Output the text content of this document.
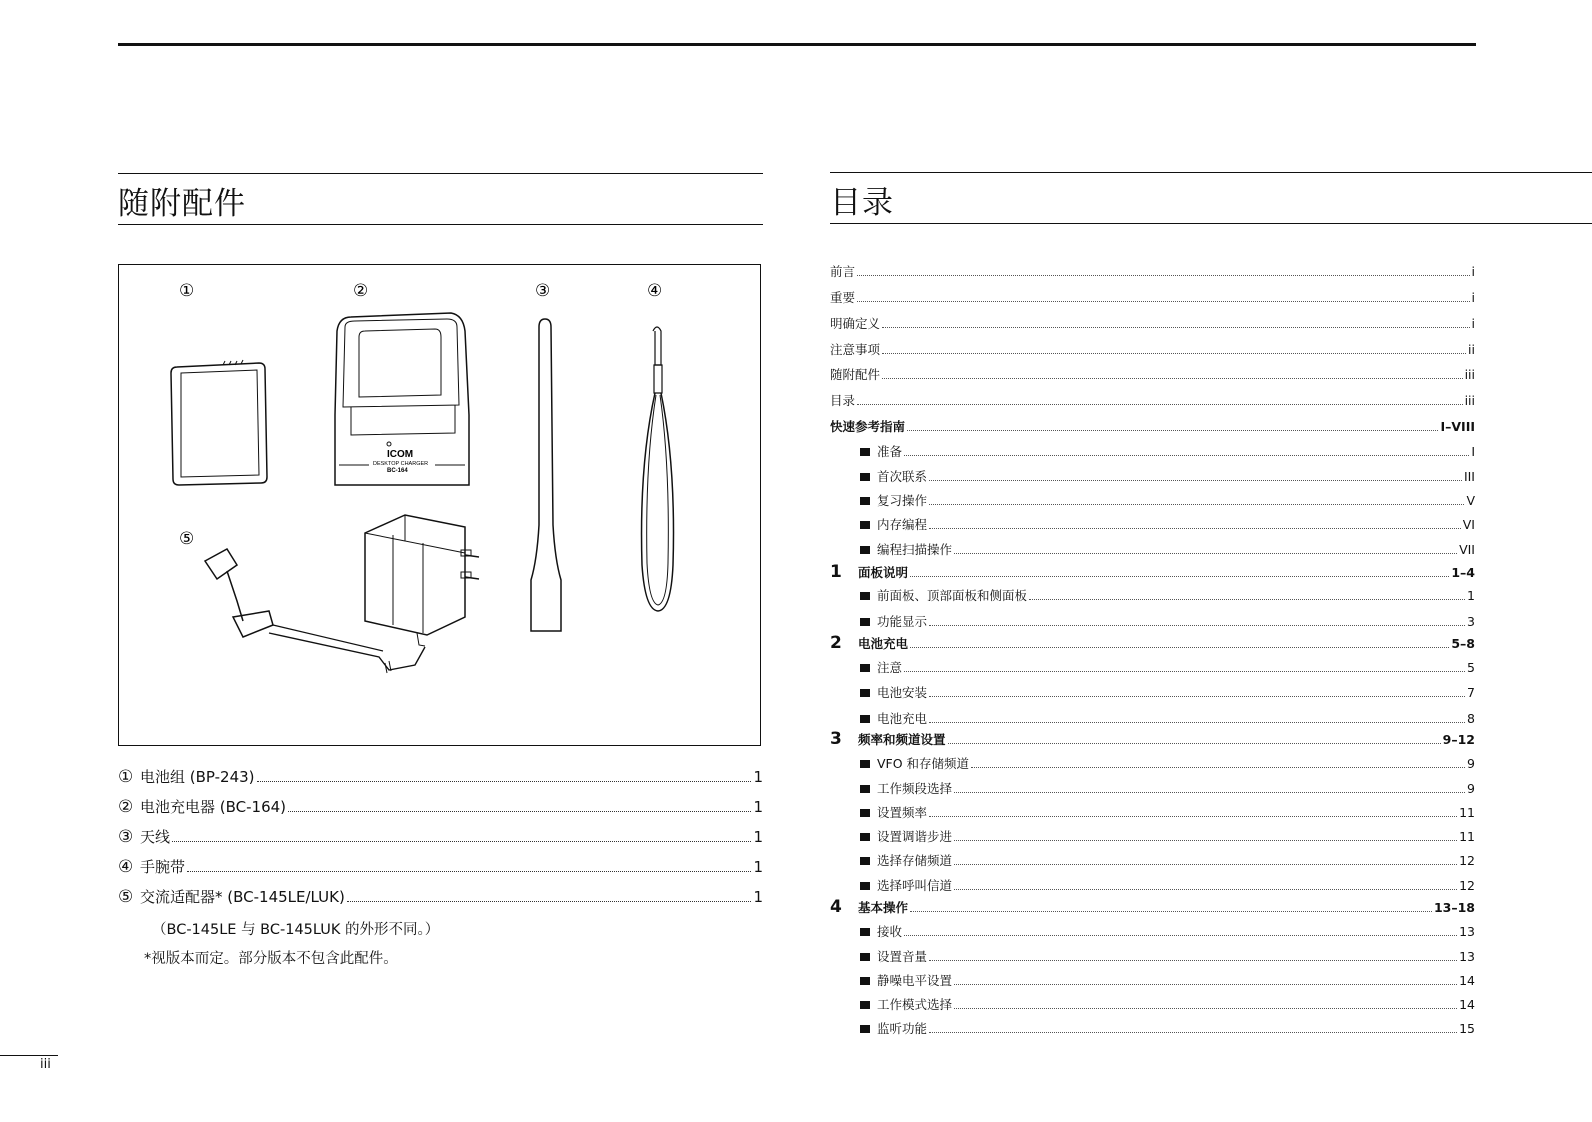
随附配件
①	②	③	④
⑤
ICOM
DESKTOP CHARGER
BC-164
① 电池组 (BP-243)	1
② 电池充电器 (BC-164)	1
③ 天线	1
④ 手腕带	1
⑤ 交流适配器* (BC-145LE/LUK)	1
（BC-145LE 与 BC-145LUK 的外形不同。）
*视版本而定。部分版本不包含此配件。
iii
目录
前言	i
重要	i
明确定义	i
注意事项	ii
随附配件	iii
目录	iii
快速参考指南	I–VIII
准备	I
首次联系	III
复习操作	V
内存编程	VI
编程扫描操作	VII
1	面板说明	1–4
前面板、顶部面板和侧面板	1
功能显示	3
2	电池充电	5–8
注意	5
电池安装	7
电池充电	8
3	频率和频道设置	9–12
VFO 和存储频道	9
工作频段选择	9
设置频率	11
设置调谐步进	11
选择存储频道	12
选择呼叫信道	12
4	基本操作	13–18
接收	13
设置音量	13
静噪电平设置	14
工作模式选择	14
监听功能	15
